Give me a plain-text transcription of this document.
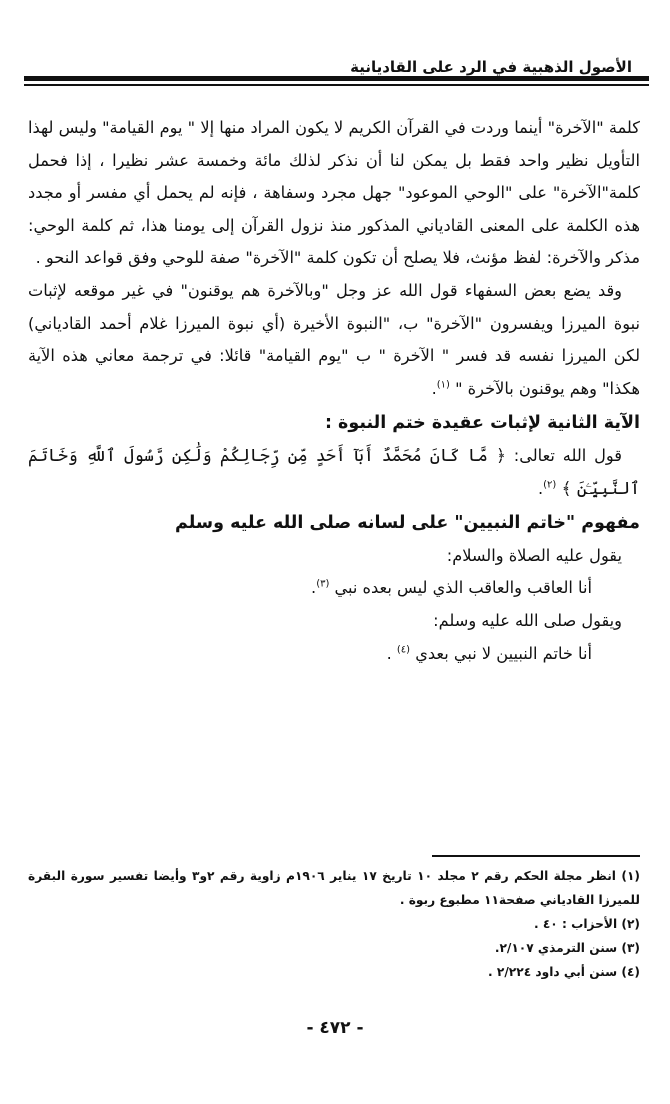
الأصول الذهبية في الرد على القاديانية

كلمة "الآخرة" أينما وردت في القرآن الكريم لا يكون المراد منها إلا " يوم القيامة" وليس لهذا التأويل نظير واحد فقط بل يمكن لنا أن نذكر لذلك مائة وخمسة عشر نظيرا ، إذا فحمل كلمة"الآخرة" على "الوحي الموعود" جهل مجرد وسفاهة ، فإنه لم يحمل أي مفسر أو مجدد هذه الكلمة على المعنى القادياني المذكور منذ نزول القرآن إلى يومنا هذا، ثم كلمة الوحي: مذكر والآخرة: لفظ مؤنث، فلا يصلح أن تكون كلمة "الآخرة" صفة للوحي وفق قواعد النحو .

وقد يضع بعض السفهاء قول الله عز وجل "وبالآخرة هم يوقنون" في غير موقعه لإثبات نبوة الميرزا ويفسرون "الآخرة" ب، "النبوة الأخيرة (أي نبوة الميرزا غلام أحمد القادياني) لكن الميرزا نفسه قد فسر " الآخرة " ب "يوم القيامة" قائلا: في ترجمة معاني هذه الآية هكذا" وهم يوقنون بالآخرة " $^{(١)}$.

الآية الثانية لإثبات عقيدة ختم النبوة :

قول الله تعالى: ﴿ مَّا كَانَ مُحَمَّدٌ أَبَآ أَحَدٍ مِّن رِّجَالِكُمْ وَلَٰكِن رَّسُولَ ٱللَّهِ وَخَاتَمَ ٱلنَّبِيِّـۧنَ ﴾ $^{(٢)}$.

مفهوم "خاتم النبيين" على لسانه صلى الله عليه وسلم

يقول عليه الصلاة والسلام:

أنا العاقب والعاقب الذي ليس بعده نبي $^{(٣)}$.

ويقول صلى الله عليه وسلم:

أنا خاتم النبيين لا نبي بعدي $^{(٤)}$ .

(١) انظر مجلة الحكم رقم ٢ مجلد ١٠ تاريخ ١٧ يناير ١٩٠٦م زاوية رقم ٢و٣ وأيضا تفسير سورة البقرة للميرزا القادياني صفحة١١ مطبوع ربوة .

(٢) الأحزاب : ٤٠ .

(٣) سنن الترمذي ٢/١٠٧.

(٤) سنن أبي داود ٢/٢٢٤ .

- ٤٧٢ -
